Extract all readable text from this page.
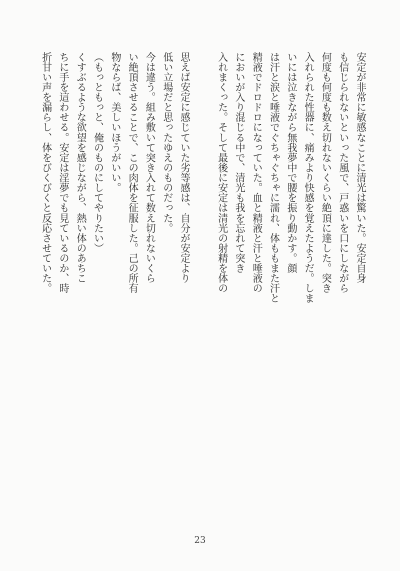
安定が非常に敏感なことに清光は驚いた。安定自身
も信じられないといった風で、戸惑いを口にしながら
何度も何度も数え切れないくらい絶頂に達した。突き
入れられた性器に、痛みより快感を覚えたようだ。しま
いには泣きながら無我夢中で腰を振り動かす。顔
は汗と涙と唾液でぐちゃぐちゃに濡れ、体ももまた汗と
精液でドロドロになっていた。血と精液と汗と唾液の
においが入り混じる中で、清光も我を忘れて突き
入れまくった。そして最後に安定は清光の射精を体の
思えば安定に感じていた劣等感は、自分が安定より
低い立場だと思ったゆえのものだった。
今は違う。組み敷いて突き入れて数え切れないくら
い絶頂させることで、この肉体を征服した。己の所有
物ならば、美しいほうがいい。
（もっともっと、俺のものにしてやりたい）
くすぶるような欲望を感じながら、熱い体のあちこ
ちに手を這わせる。安定は淫夢でも見ているのか、時
折甘い声を漏らし、体をびくびくと反応させていた。

23
